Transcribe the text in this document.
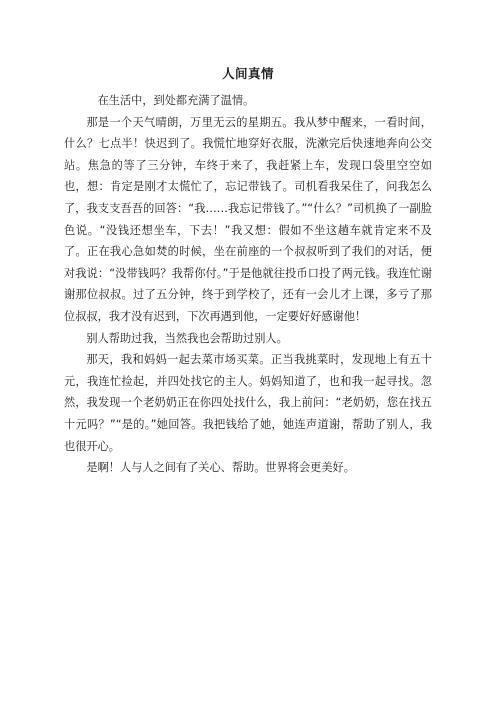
人间真情

在生活中，到处都充满了温情。

那是一个天气晴朗，万里无云的星期五。我从梦中醒来，一看时间，什么？七点半！快迟到了。我慌忙地穿好衣服，洗漱完后快速地奔向公交站。焦急的等了三分钟，车终于来了，我赶紧上车，发现口袋里空空如也，想：肯定是刚才太慌忙了，忘记带钱了。司机看我呆住了，问我怎么了，我支支吾吾的回答：“我……我忘记带钱了。”“什么？”司机换了一副脸色说。“没钱还想坐车，下去！”我又想：假如不坐这趟车就肯定来不及了。正在我心急如焚的时候，坐在前座的一个叔叔听到了我们的对话，便对我说：“没带钱吗？我帮你付。”于是他就往投币口投了两元钱。我连忙谢谢那位叔叔。过了五分钟，终于到学校了，还有一会儿才上课，多亏了那位叔叔，我才没有迟到，下次再遇到他，一定要好好感谢他！

别人帮助过我，当然我也会帮助过别人。

那天，我和妈妈一起去菜市场买菜。正当我挑菜时，发现地上有五十元，我连忙捡起，并四处找它的主人。妈妈知道了，也和我一起寻找。忽然，我发现一个老奶奶正在你四处找什么，我上前问：“老奶奶，您在找五十元吗？”“是的。”她回答。我把钱给了她，她连声道谢，帮助了别人，我也很开心。

是啊！人与人之间有了关心、帮助。世界将会更美好。
